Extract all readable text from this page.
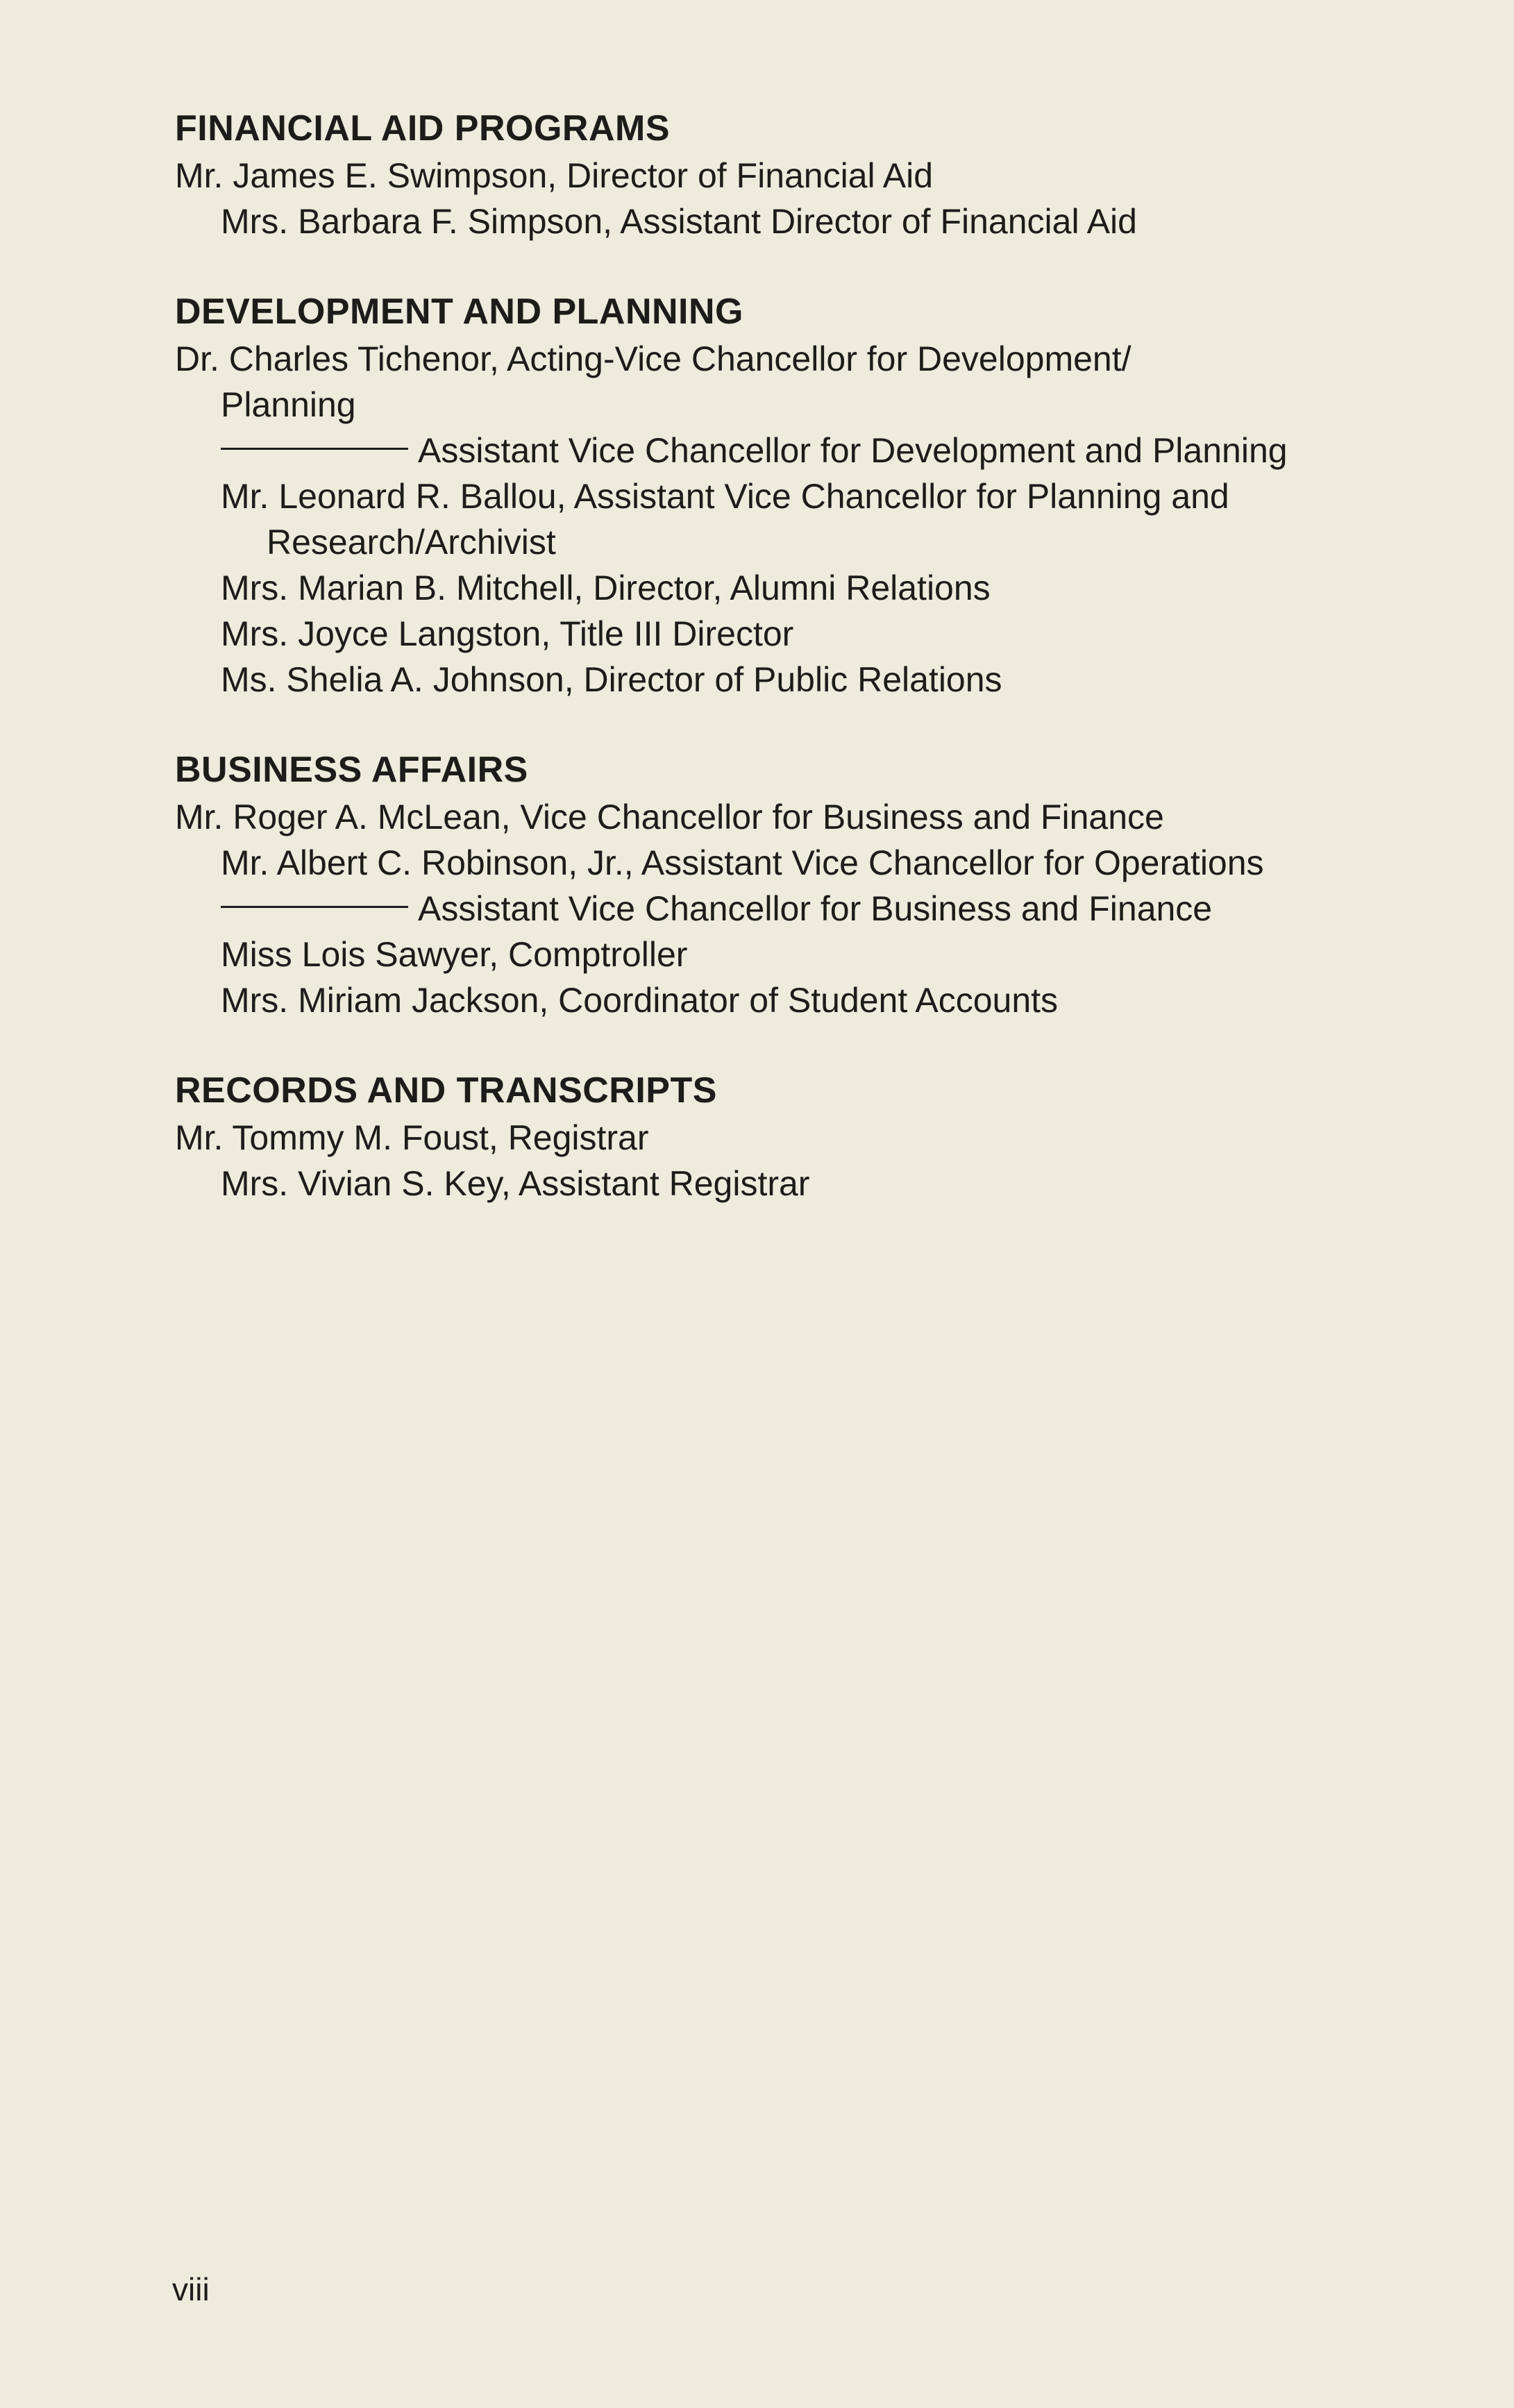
FINANCIAL AID PROGRAMS
Mr. James E. Swimpson, Director of Financial Aid
Mrs. Barbara F. Simpson, Assistant Director of Financial Aid
DEVELOPMENT AND PLANNING
Dr. Charles Tichenor, Acting-Vice Chancellor for Development/
Planning
Assistant Vice Chancellor for Development and Planning
Mr. Leonard R. Ballou, Assistant Vice Chancellor for Planning and
Research/Archivist
Mrs. Marian B. Mitchell, Director, Alumni Relations
Mrs. Joyce Langston, Title III Director
Ms. Shelia A. Johnson, Director of Public Relations
BUSINESS AFFAIRS
Mr. Roger A. McLean, Vice Chancellor for Business and Finance
Mr. Albert C. Robinson, Jr., Assistant Vice Chancellor for Operations
Assistant Vice Chancellor for Business and Finance
Miss Lois Sawyer, Comptroller
Mrs. Miriam Jackson, Coordinator of Student Accounts
RECORDS AND TRANSCRIPTS
Mr. Tommy M. Foust, Registrar
Mrs. Vivian S. Key, Assistant Registrar
viii
